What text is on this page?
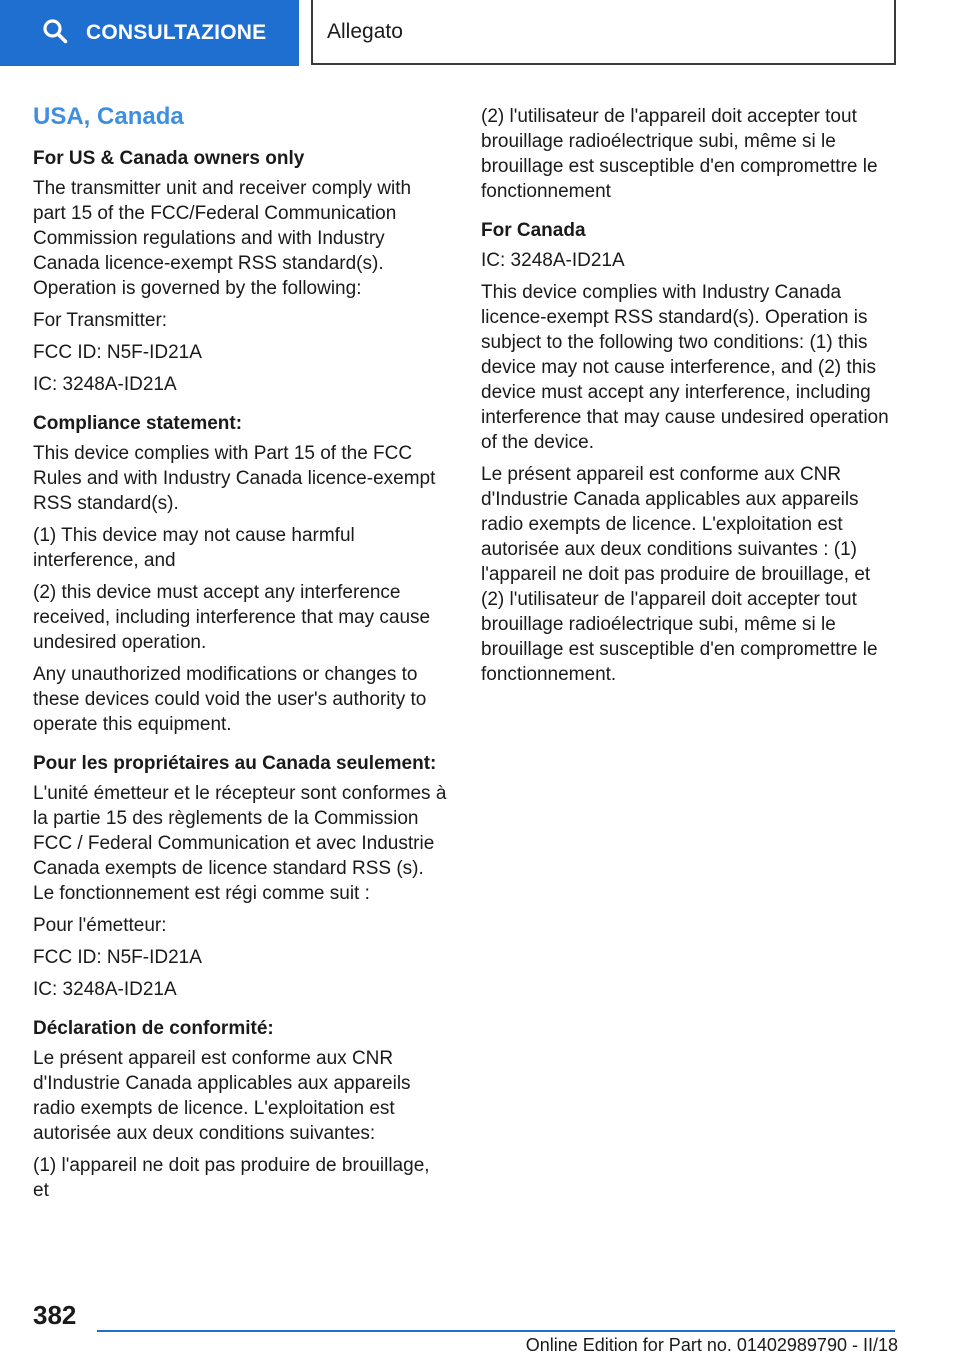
CONSULTAZIONE	Allegato
USA, Canada
For US & Canada owners only

The transmitter unit and receiver comply with part 15 of the FCC/Federal Communication Commission regulations and with Industry Canada licence-exempt RSS standard(s). Operation is governed by the following:

For Transmitter:

FCC ID: N5F-ID21A

IC: 3248A-ID21A

Compliance statement:

This device complies with Part 15 of the FCC Rules and with Industry Canada licence-exempt RSS standard(s).

(1) This device may not cause harmful interference, and

(2) this device must accept any interference received, including interference that may cause undesired operation.

Any unauthorized modifications or changes to these devices could void the user's authority to operate this equipment.

Pour les propriétaires au Canada seulement:

L'unité émetteur et le récepteur sont conformes à la partie 15 des règlements de la Commission FCC / Federal Communication et avec Industrie Canada exempts de licence standard RSS (s). Le fonctionnement est régi comme suit :

Pour l'émetteur:

FCC ID: N5F-ID21A

IC: 3248A-ID21A

Déclaration de conformité:

Le présent appareil est conforme aux CNR d'Industrie Canada applicables aux appareils radio exempts de licence. L'exploitation est autorisée aux deux conditions suivantes:

(1) l'appareil ne doit pas produire de brouillage, et

(2) l'utilisateur de l'appareil doit accepter tout brouillage radioélectrique subi, même si le brouillage est susceptible d'en compromettre le fonctionnement

For Canada

IC: 3248A-ID21A

This device complies with Industry Canada licence-exempt RSS standard(s). Operation is subject to the following two conditions: (1) this device may not cause interference, and (2) this device must accept any interference, including interference that may cause undesired operation of the device.

Le présent appareil est conforme aux CNR d'Industrie Canada applicables aux appareils radio exempts de licence. L'exploitation est autorisée aux deux conditions suivantes : (1) l'appareil ne doit pas produire de brouillage, et (2) l'utilisateur de l'appareil doit accepter tout brouillage radioélectrique subi, même si le brouillage est susceptible d'en compromettre le fonctionnement.

382
Online Edition for Part no. 01402989790 - II/18
